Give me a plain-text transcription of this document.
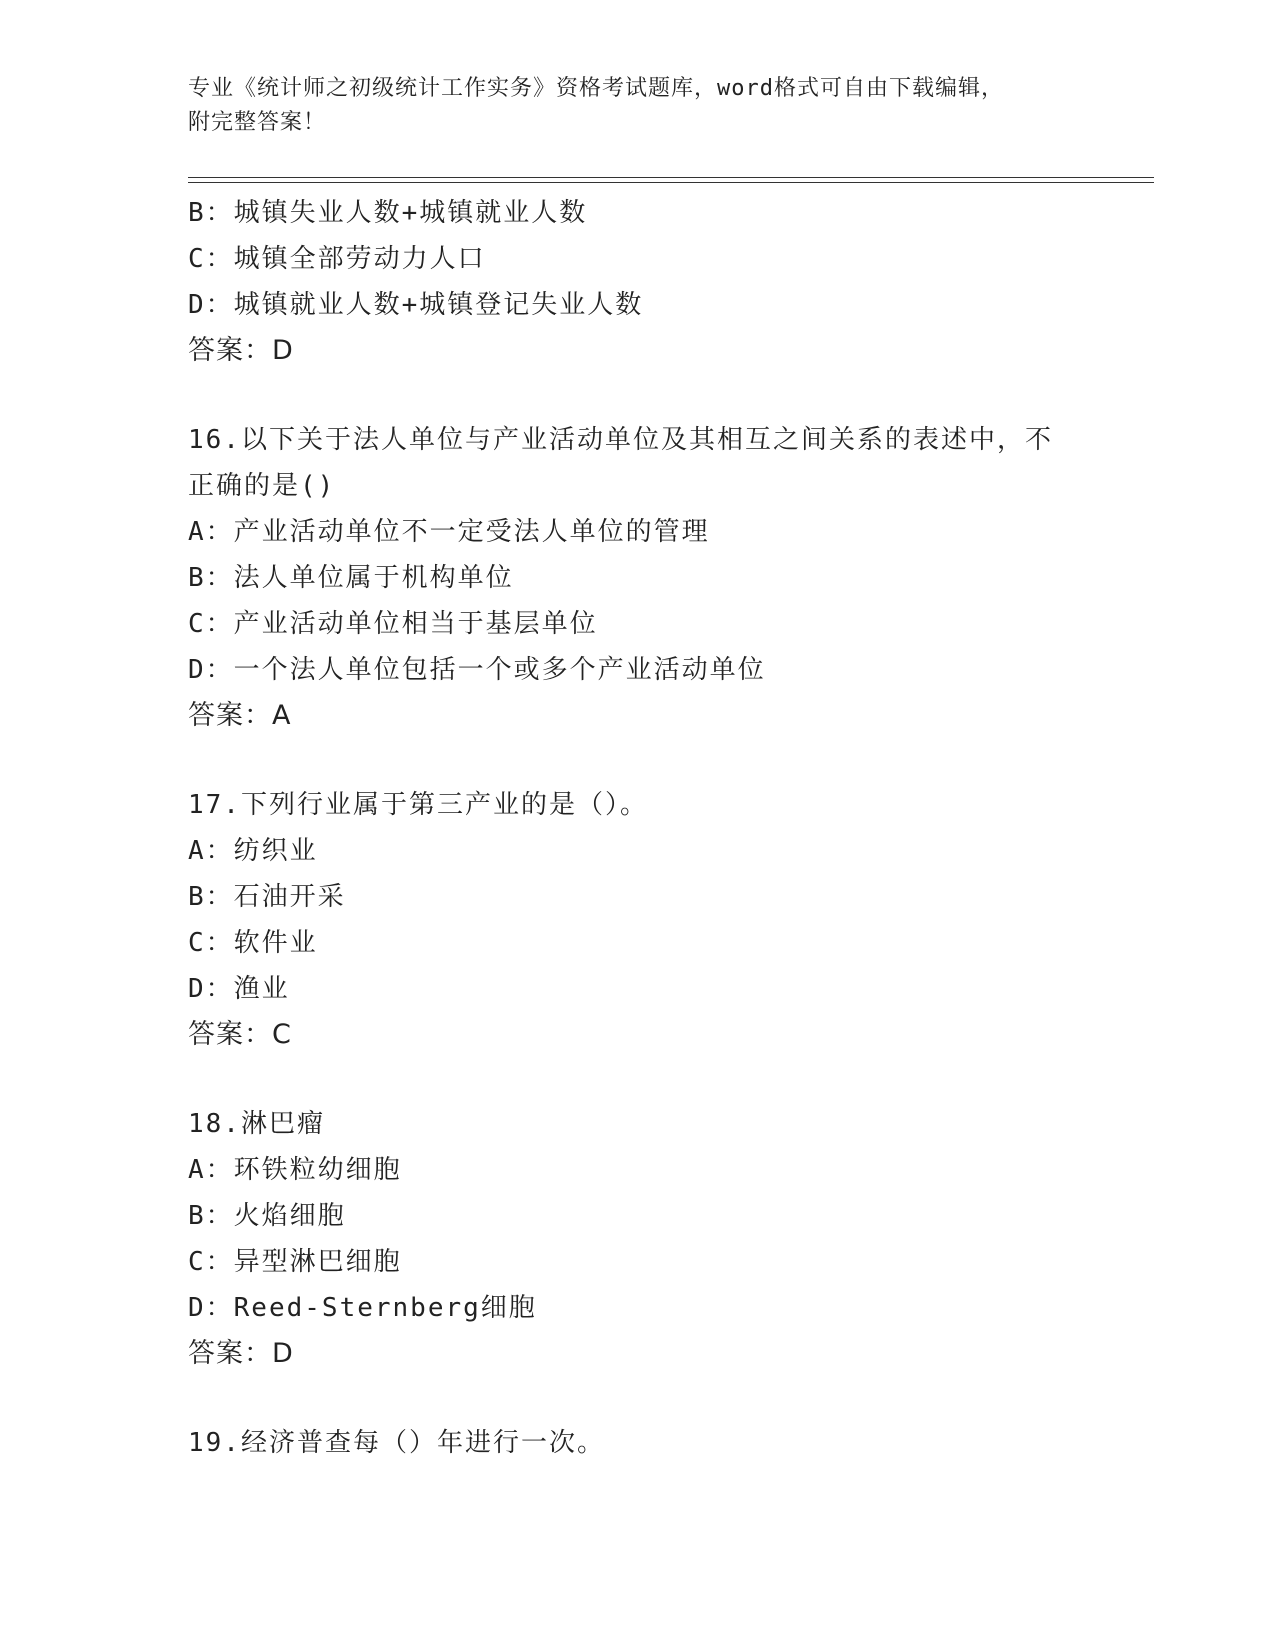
专业《统计师之初级统计工作实务》资格考试题库，word格式可自由下载编辑，
附完整答案！
B：城镇失业人数+城镇就业人数
C：城镇全部劳动力人口
D：城镇就业人数+城镇登记失业人数
答案：D
16.以下关于法人单位与产业活动单位及其相互之间关系的表述中，不
正确的是()
A：产业活动单位不一定受法人单位的管理
B：法人单位属于机构单位
C：产业活动单位相当于基层单位
D：一个法人单位包括一个或多个产业活动单位
答案：A
17.下列行业属于第三产业的是（）。
A：纺织业
B：石油开采
C：软件业
D：渔业
答案：C
18.淋巴瘤
A：环铁粒幼细胞
B：火焰细胞
C：异型淋巴细胞
D：Reed-Sternberg细胞
答案：D
19.经济普查每（）年进行一次。
